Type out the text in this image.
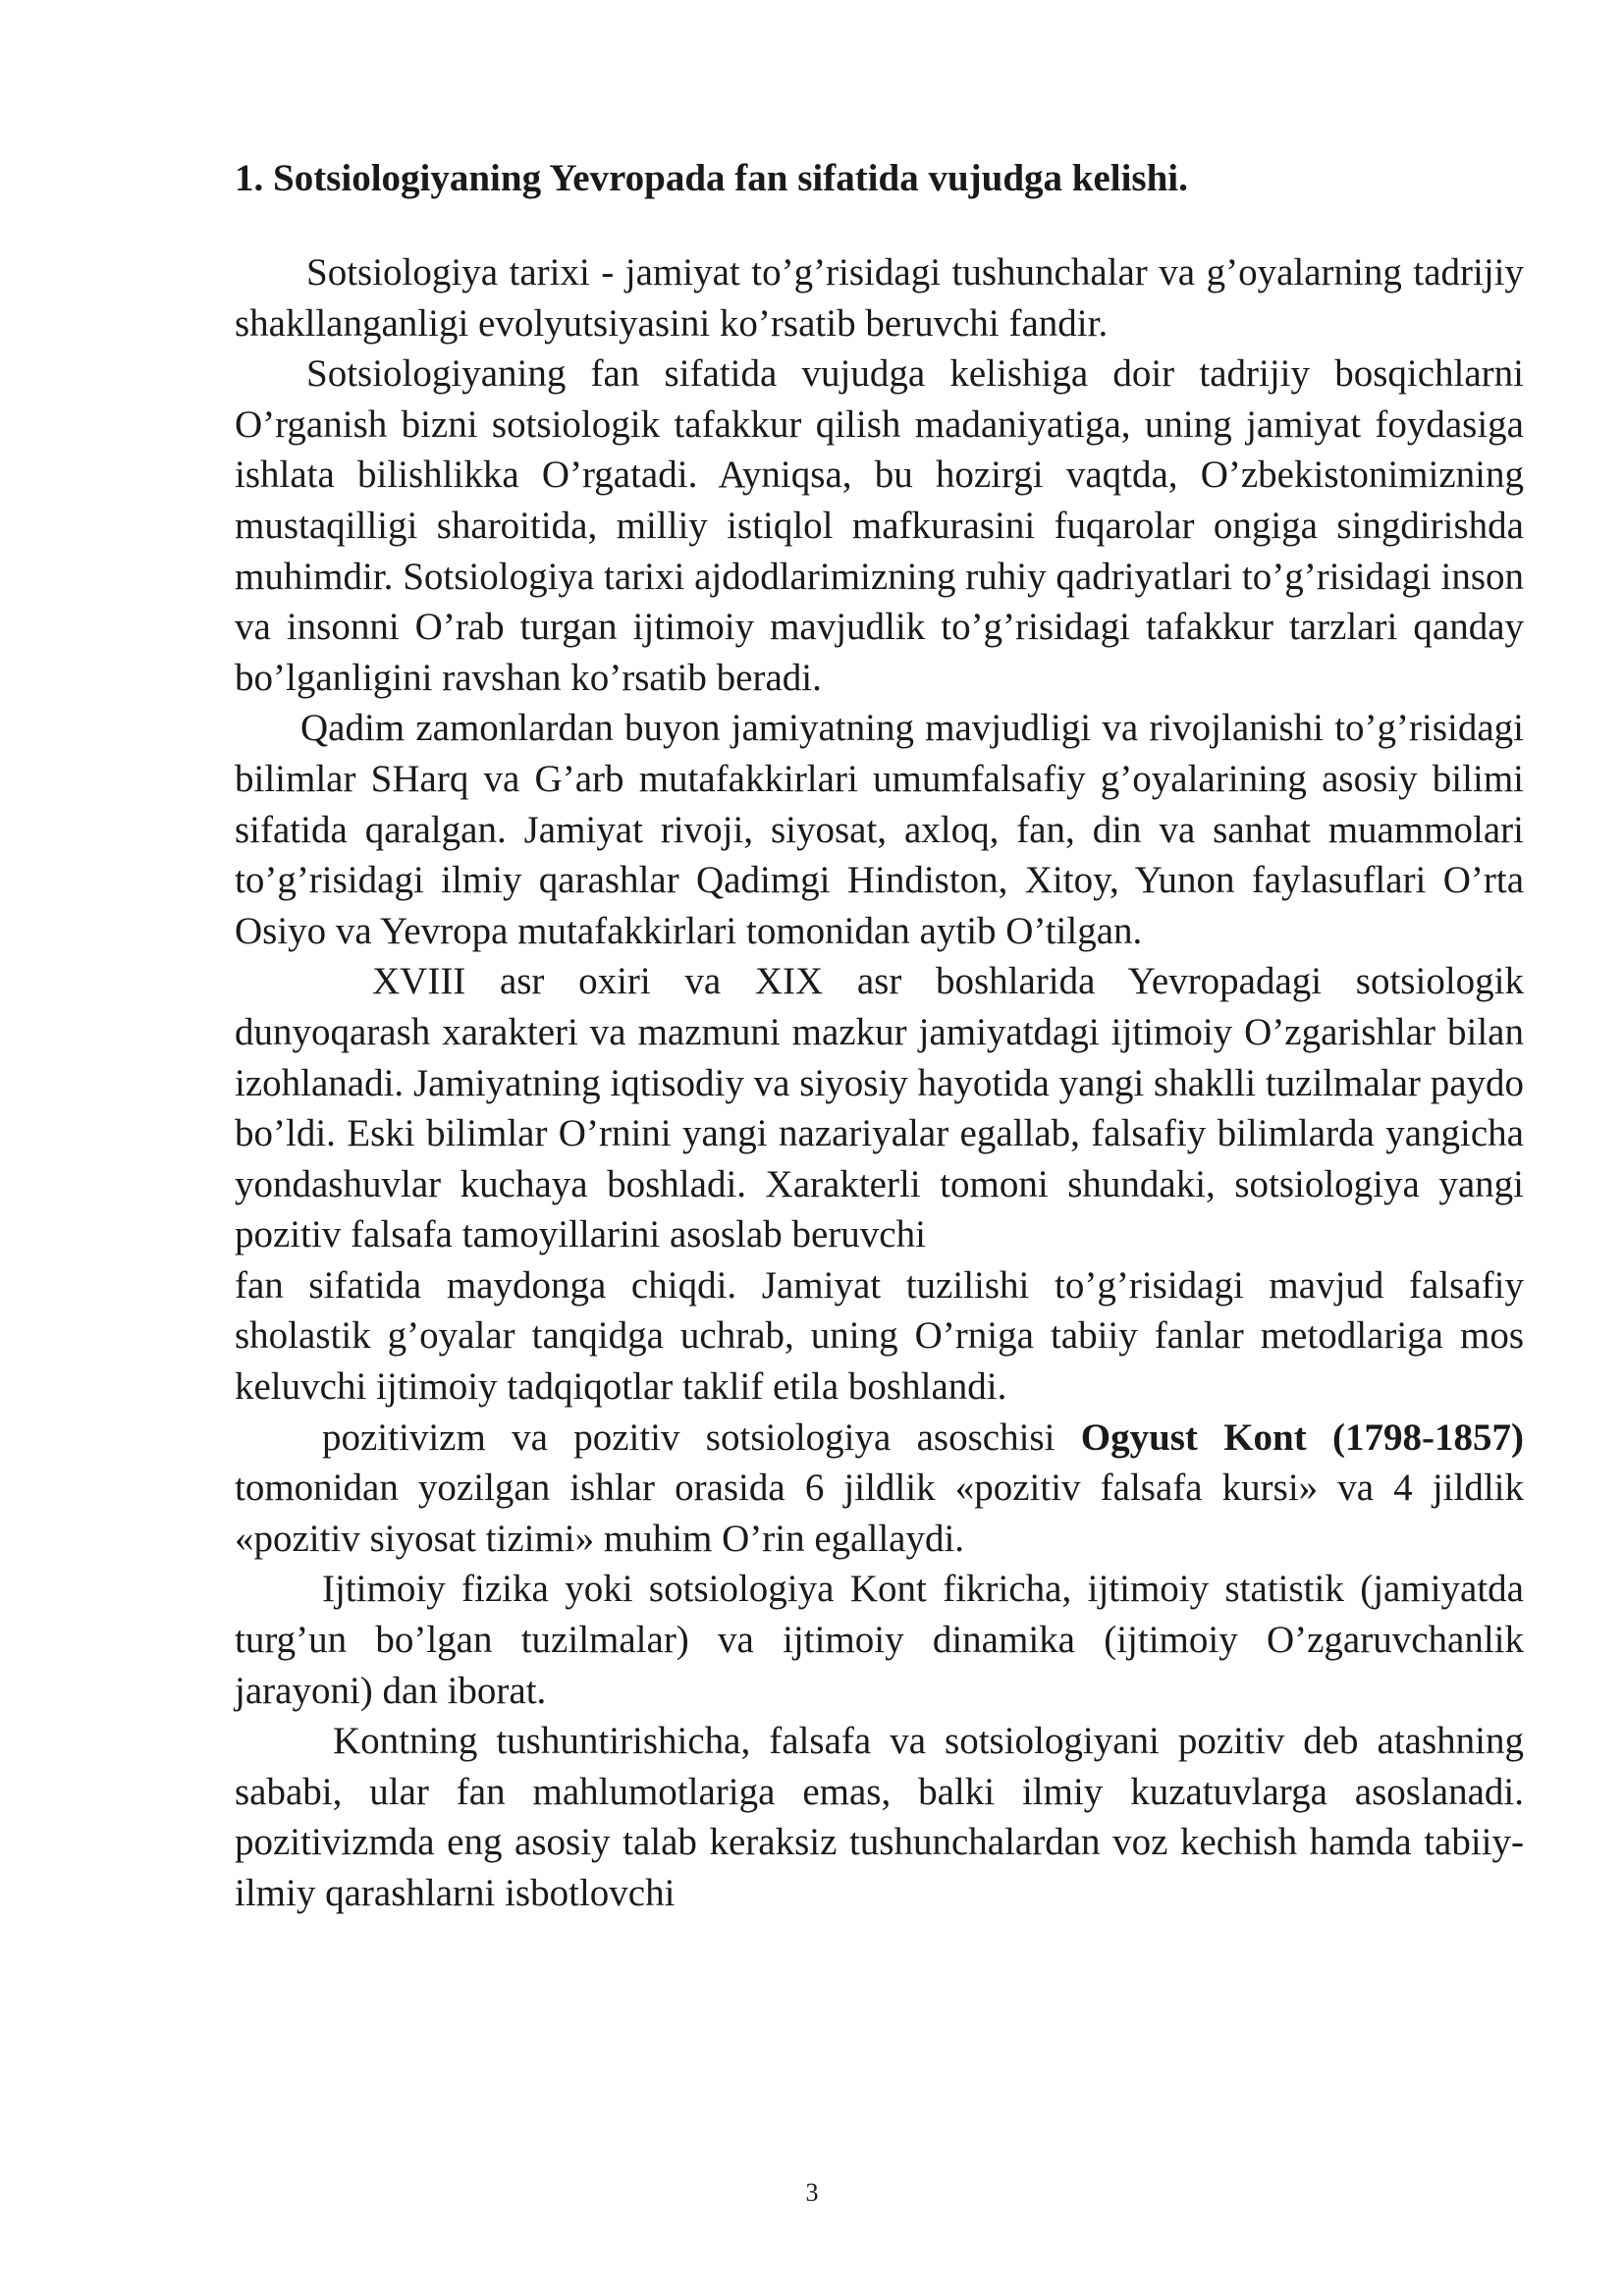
1. Sotsiologiyaning Yevropada fan sifatida vujudga kelishi.

Sotsiologiya tarixi - jamiyat to’g’risidagi tushunchalar va g’oyalarning tadrijiy shakllanganligi evolyutsiyasini ko’rsatib beruvchi fandir.

Sotsiologiyaning fan sifatida vujudga kelishiga doir tadrijiy bosqichlarni O’rganish bizni sotsiologik tafakkur qilish madaniyatiga, uning jamiyat foydasiga ishlata bilishlikka O’rgatadi. Ayniqsa, bu hozirgi vaqtda, O’zbekistonimizning mustaqilligi sharoitida, milliy istiqlol mafkurasini fuqarolar ongiga singdirishda muhimdir. Sotsiologiya tarixi ajdodlarimizning ruhiy qadriyatlari to’g’risidagi inson va insonni O’rab turgan ijtimoiy mavjudlik to’g’risidagi tafakkur tarzlari qanday bo’lganligini ravshan ko’rsatib beradi.

Qadim zamonlardan buyon jamiyatning mavjudligi va rivojlanishi to’g’risidagi bilimlar SHarq va G’arb mutafakkirlari umumfalsafiy g’oyalarining asosiy bilimi sifatida qaralgan. Jamiyat rivoji, siyosat, axloq, fan, din va sanhat muammolari to’g’risidagi ilmiy qarashlar Qadimgi Hindiston, Xitoy, Yunon faylasuflari O’rta Osiyo va Yevropa mutafakkirlari tomonidan aytib O’tilgan.

XVIII asr oxiri va XIX asr boshlarida Yevropadagi sotsiologik dunyoqarash xarakteri va mazmuni mazkur jamiyatdagi ijtimoiy O’zgarishlar bilan izohlanadi. Jamiyatning iqtisodiy va siyosiy hayotida yangi shaklli tuzilmalar paydo bo’ldi. Eski bilimlar O’rnini yangi nazariyalar egallab, falsafiy bilimlarda yangicha yondashuvlar kuchaya boshladi. Xarakterli tomoni shundaki, sotsiologiya yangi pozitiv falsafa tamoyillarini asoslab beruvchi

fan sifatida maydonga chiqdi. Jamiyat tuzilishi to’g’risidagi mavjud falsafiy sholastik g’oyalar tanqidga uchrab, uning O’rniga tabiiy fanlar metodlariga mos keluvchi ijtimoiy tadqiqotlar taklif etila boshlandi.

pozitivizm va pozitiv sotsiologiya asoschisi Ogyust Kont (1798-1857) tomonidan yozilgan ishlar orasida 6 jildlik «pozitiv falsafa kursi» va 4 jildlik «pozitiv siyosat tizimi» muhim O’rin egallaydi.

Ijtimoiy fizika yoki sotsiologiya Kont fikricha, ijtimoiy statistik (jamiyatda turg’un bo’lgan tuzilmalar) va ijtimoiy dinamika (ijtimoiy O’zgaruvchanlik jarayoni) dan iborat.

Kontning tushuntirishicha, falsafa va sotsiologiyani pozitiv deb atashning sababi, ular fan mahlumotlariga emas, balki ilmiy kuzatuvlarga asoslanadi. pozitivizmda eng asosiy talab keraksiz tushunchalardan voz kechish hamda tabiiy-ilmiy qarashlarni isbotlovchi

3
